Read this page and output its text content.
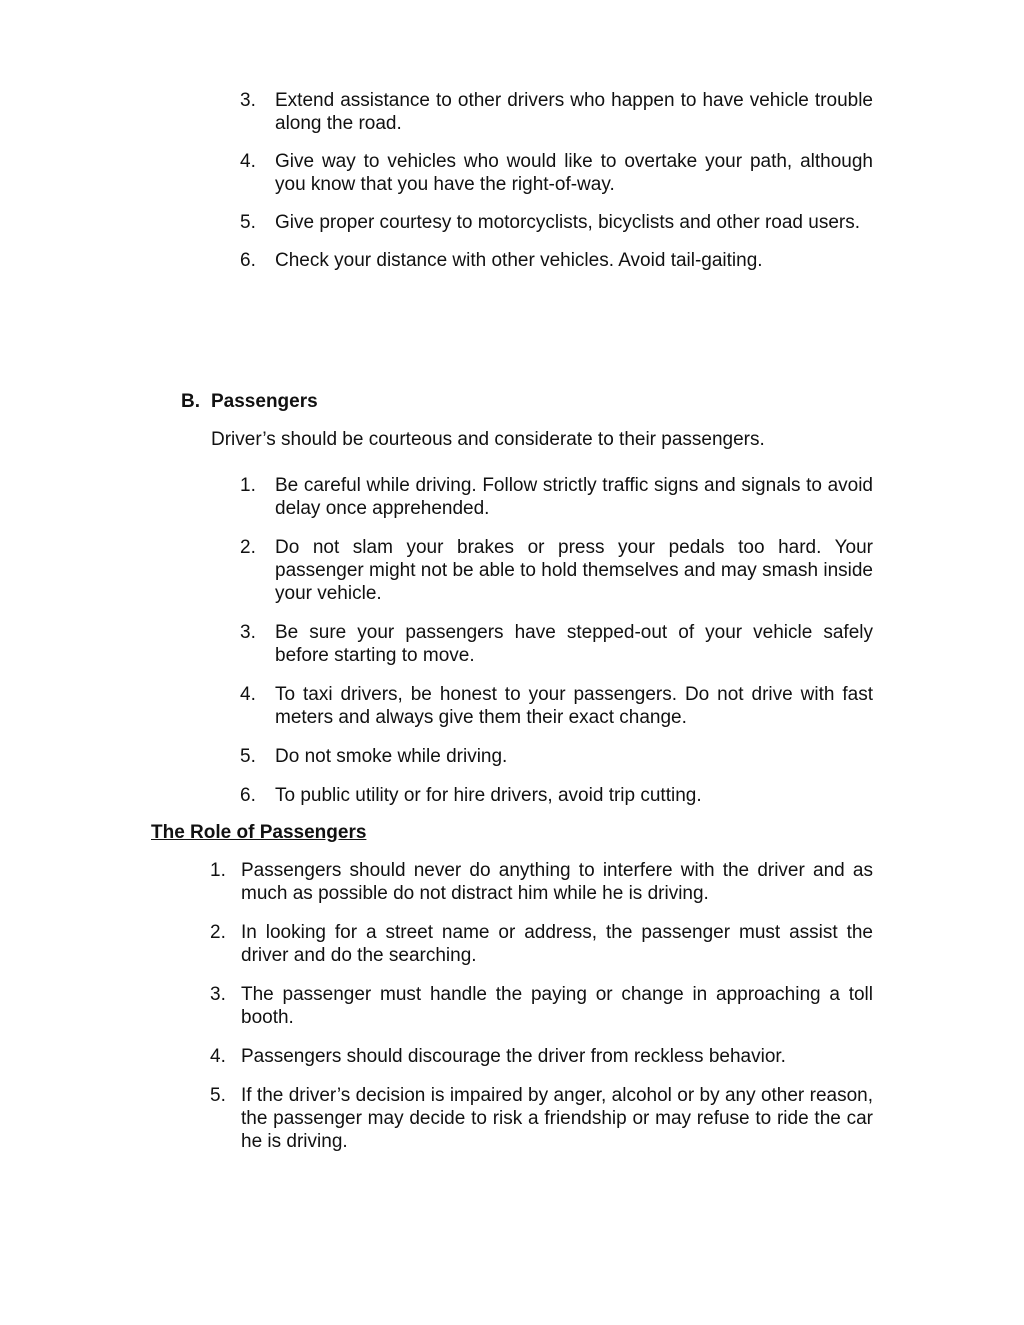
3. Extend assistance to other drivers who happen to have vehicle trouble along the road.
4. Give way to vehicles who would like to overtake your path, although you know that you have the right-of-way.
5. Give proper courtesy to motorcyclists, bicyclists and other road users.
6. Check your distance with other vehicles. Avoid tail-gaiting.
B. Passengers
Driver’s should be courteous and considerate to their passengers.
1. Be careful while driving. Follow strictly traffic signs and signals to avoid delay once apprehended.
2. Do not slam your brakes or press your pedals too hard. Your passenger might not be able to hold themselves and may smash inside your vehicle.
3. Be sure your passengers have stepped-out of your vehicle safely before starting to move.
4. To taxi drivers, be honest to your passengers. Do not drive with fast meters and always give them their exact change.
5. Do not smoke while driving.
6. To public utility or for hire drivers, avoid trip cutting.
The Role of Passengers
1. Passengers should never do anything to interfere with the driver and as much as possible do not distract him while he is driving.
2. In looking for a street name or address, the passenger must assist the driver and do the searching.
3. The passenger must handle the paying or change in approaching a toll booth.
4. Passengers should discourage the driver from reckless behavior.
5. If the driver’s decision is impaired by anger, alcohol or by any other reason, the passenger may decide to risk a friendship or may refuse to ride the car he is driving.
